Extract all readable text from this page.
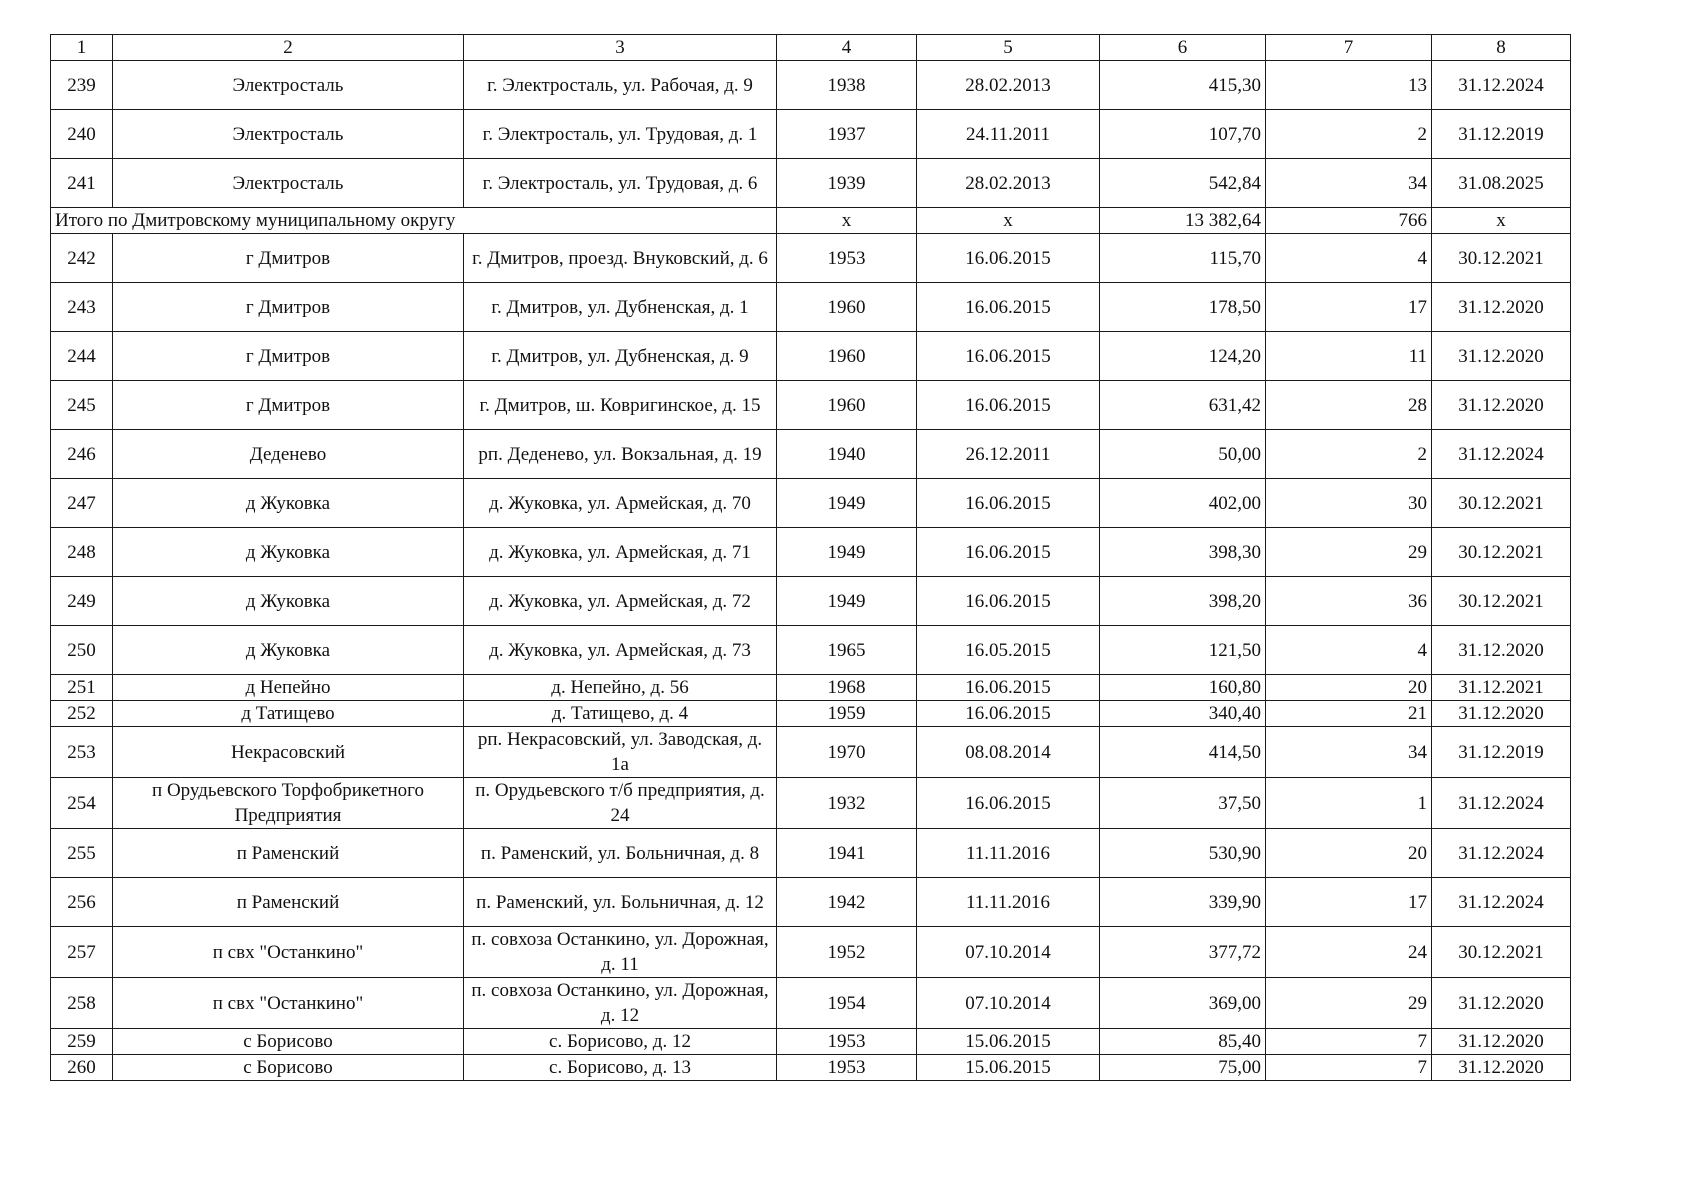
1	2	3	4	5	6	7	8
239	Электросталь	г. Электросталь, ул. Рабочая, д. 9	1938	28.02.2013	415,30	13	31.12.2024
240	Электросталь	г. Электросталь, ул. Трудовая, д. 1	1937	24.11.2011	107,70	2	31.12.2019
241	Электросталь	г. Электросталь, ул. Трудовая, д. 6	1939	28.02.2013	542,84	34	31.08.2025
Итого по Дмитровскому муниципальному округу			x	x	13 382,64	766	x
242	г Дмитров	г. Дмитров, проезд. Внуковский, д. 6	1953	16.06.2015	115,70	4	30.12.2021
243	г Дмитров	г. Дмитров, ул. Дубненская, д. 1	1960	16.06.2015	178,50	17	31.12.2020
244	г Дмитров	г. Дмитров, ул. Дубненская, д. 9	1960	16.06.2015	124,20	11	31.12.2020
245	г Дмитров	г. Дмитров, ш. Ковригинское, д. 15	1960	16.06.2015	631,42	28	31.12.2020
246	Деденево	рп. Деденево, ул. Вокзальная, д. 19	1940	26.12.2011	50,00	2	31.12.2024
247	д Жуковка	д. Жуковка, ул. Армейская, д. 70	1949	16.06.2015	402,00	30	30.12.2021
248	д Жуковка	д. Жуковка, ул. Армейская, д. 71	1949	16.06.2015	398,30	29	30.12.2021
249	д Жуковка	д. Жуковка, ул. Армейская, д. 72	1949	16.06.2015	398,20	36	30.12.2021
250	д Жуковка	д. Жуковка, ул. Армейская, д. 73	1965	16.05.2015	121,50	4	31.12.2020
251	д Непейно	д. Непейно, д. 56	1968	16.06.2015	160,80	20	31.12.2021
252	д Татищево	д. Татищево, д. 4	1959	16.06.2015	340,40	21	31.12.2020
253	Некрасовский	рп. Некрасовский, ул. Заводская, д. 1а	1970	08.08.2014	414,50	34	31.12.2019
254	п Орудьевского Торфобрикетного Предприятия	п. Орудьевского т/б предприятия, д. 24	1932	16.06.2015	37,50	1	31.12.2024
255	п Раменский	п. Раменский, ул. Больничная, д. 8	1941	11.11.2016	530,90	20	31.12.2024
256	п Раменский	п. Раменский, ул. Больничная, д. 12	1942	11.11.2016	339,90	17	31.12.2024
257	п свх "Останкино"	п. совхоза Останкино, ул. Дорожная, д. 11	1952	07.10.2014	377,72	24	30.12.2021
258	п свх "Останкино"	п. совхоза Останкино, ул. Дорожная, д. 12	1954	07.10.2014	369,00	29	31.12.2020
259	с Борисово	с. Борисово, д. 12	1953	15.06.2015	85,40	7	31.12.2020
260	с Борисово	с. Борисово, д. 13	1953	15.06.2015	75,00	7	31.12.2020
